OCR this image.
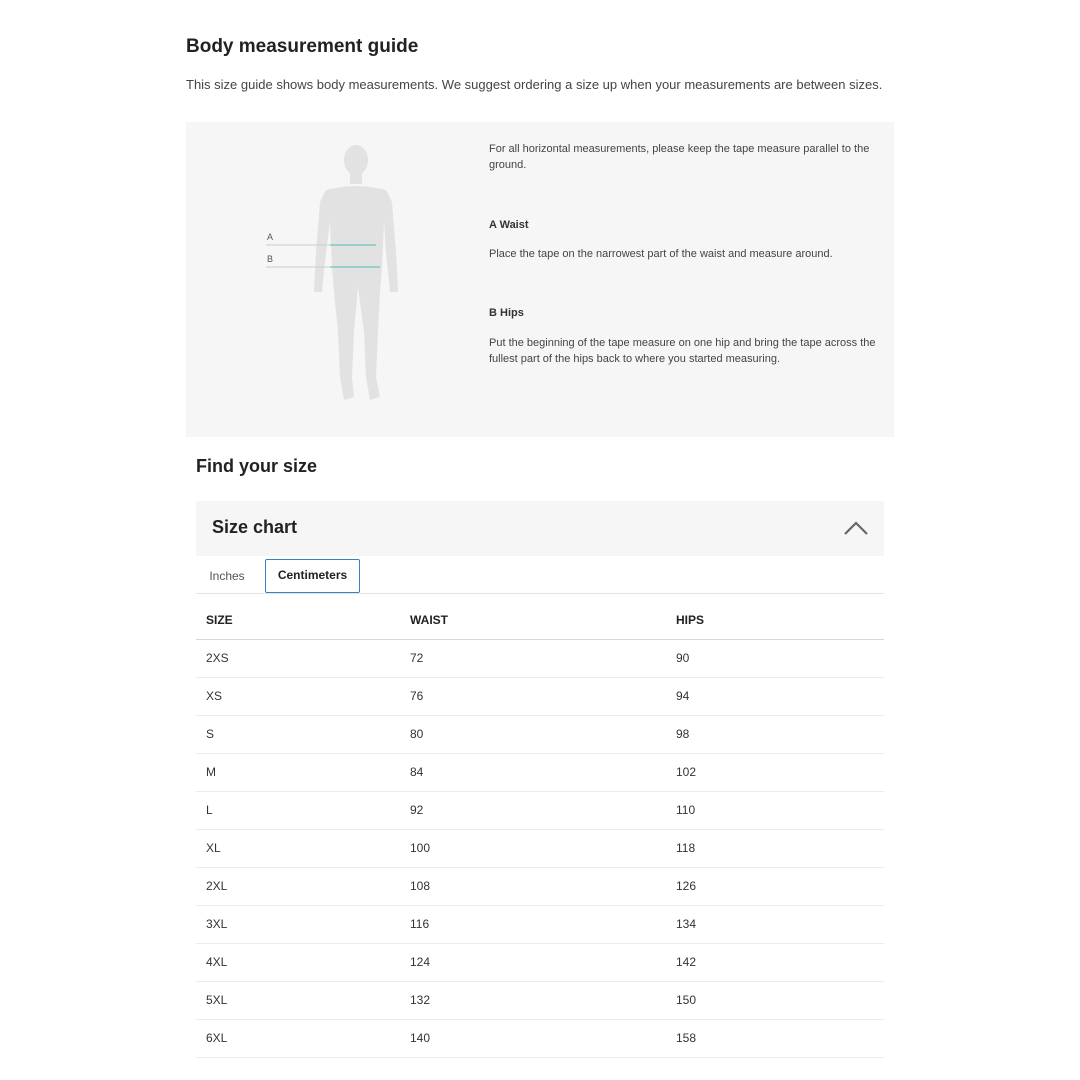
Body measurement guide

This size guide shows body measurements. We suggest ordering a size up when your measurements are between sizes.

A
B

For all horizontal measurements, please keep the tape measure parallel to the ground.

A Waist

Place the tape on the narrowest part of the waist and measure around.

B Hips

Put the beginning of the tape measure on one hip and bring the tape across the fullest part of the hips back to where you started measuring.

Find your size
Size chart
Inches	Centimeters
SIZE	WAIST	HIPS
2XS	72	90
XS	76	94
S	80	98
M	84	102
L	92	110
XL	100	118
2XL	108	126
3XL	116	134
4XL	124	142
5XL	132	150
6XL	140	158
